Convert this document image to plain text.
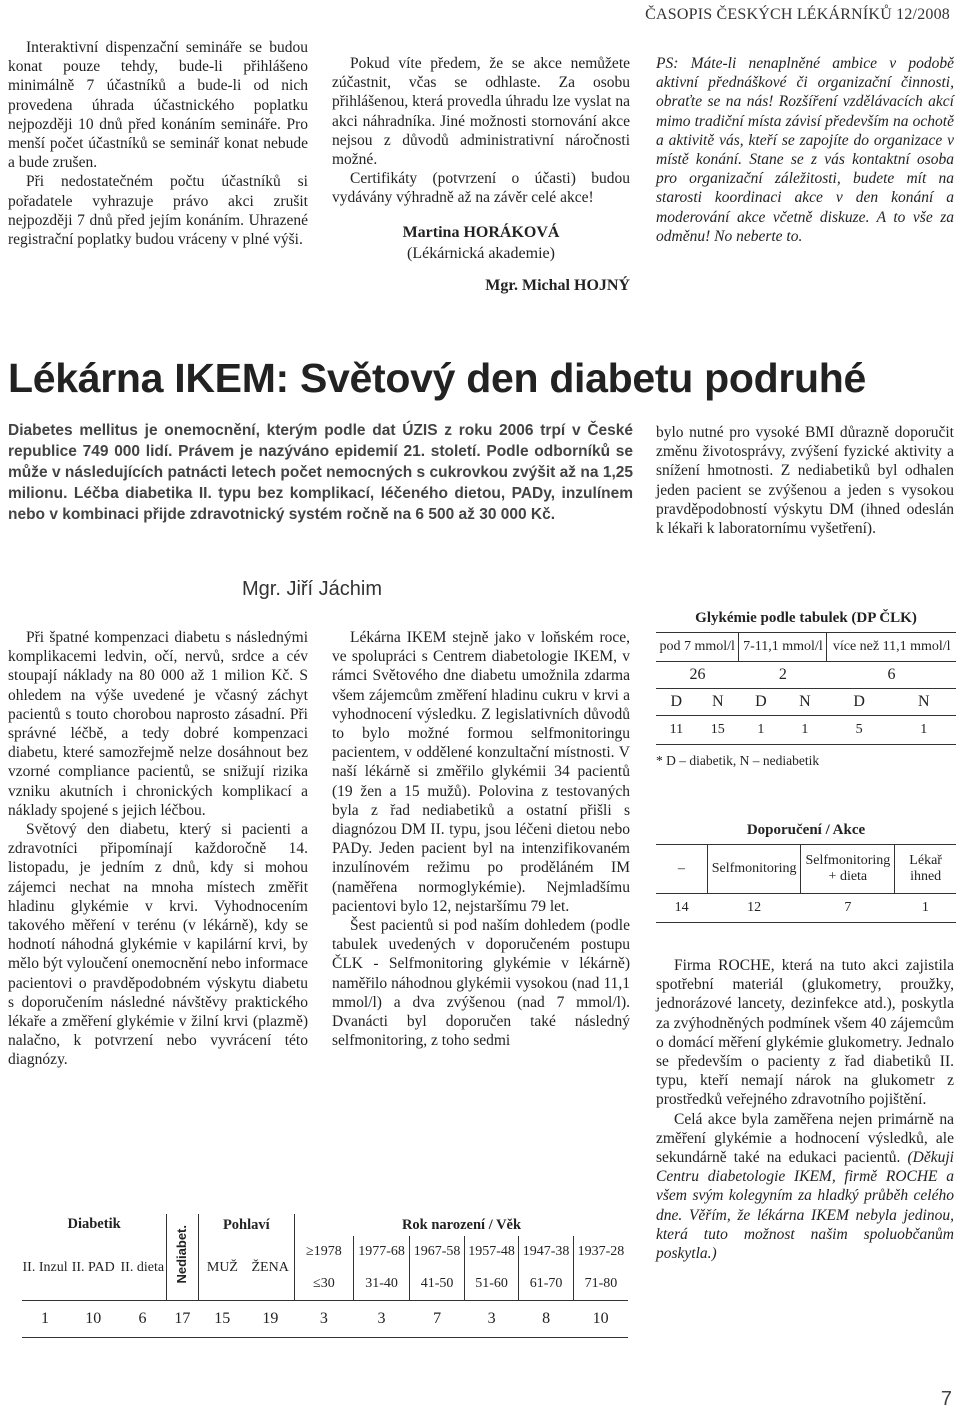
ČASOPIS ČESKÝCH LÉKÁRNÍKŮ 12/2008

Interaktivní dispenzační semináře se budou konat pouze tehdy, bude-li přihlášeno minimálně 7 účastníků a bude-li od nich provedena úhrada účastnického poplatku nejpozději 10 dnů před konáním semináře. Pro menší počet účastníků se seminář konat nebude a bude zrušen.

Při nedostatečném počtu účastníků si pořadatele vyhrazuje právo akci zrušit nejpozději 7 dnů před jejím konáním. Uhrazené registrační poplatky budou vráceny v plné výši.

Pokud víte předem, že se akce nemůžete zúčastnit, včas se odhlaste. Za osobu přihlášenou, která provedla úhradu lze vyslat na akci náhradníka. Jiné možnosti stornování akce nejsou z důvodů administrativní náročnosti možné.

Certifikáty (potvrzení o účasti) budou vydávány výhradně až na závěr celé akce!

Martina HORÁKOVÁ
(Lékárnická akademie)
Mgr. Michal HOJNÝ
PS: Máte-li nenaplněné ambice v podobě aktivní přednáškové či organizační činnosti, obraťte se na nás! Rozšíření vzdělávacích akcí mimo tradiční místa závisí především na ochotě a aktivitě vás, kteří se zapojíte do organizace v místě konání. Stane se z vás kontaktní osoba pro organizační záležitosti, budete mít na starosti koordinaci akce v den konání a moderování akce včetně diskuze. A to vše za odměnu! No neberte to.
Lékárna IKEM: Světový den diabetu podruhé
Diabetes mellitus je onemocnění, kterým podle dat ÚZIS z roku 2006 trpí v České republice 749 000 lidí. Právem je nazýváno epidemií 21. století. Podle odborníků se může v následujících patnácti letech počet nemocných s cukrovkou zvýšit až na 1,25 milionu. Léčba diabetika II. typu bez komplikací, léčeného dietou, PADy, inzulínem nebo v kombinaci přijde zdravotnický systém ročně na 6 500 až 30 000 Kč.
Mgr. Jiří Jáchim

Při špatné kompenzaci diabetu s následnými komplikacemi ledvin, očí, nervů, srdce a cév stoupají náklady na 80 000 až 1 milion Kč. S ohledem na výše uvedené je včasný záchyt pacientů s touto chorobou naprosto zásadní. Při správné léčbě, a tedy dobré kompenzaci diabetu, které samozřejmě nelze dosáhnout bez vzorné compliance pacientů, se snižují rizika vzniku akutních i chronických komplikací a náklady spojené s jejich léčbou.

Světový den diabetu, který si pacienti a zdravotníci připomínají každoročně 14. listopadu, je jedním z dnů, kdy si mohou zájemci nechat na mnoha místech změřit hladinu glykémie v krvi. Vyhodnocením takového měření v terénu (v lékárně), kdy se hodnotí náhodná glykémie v kapilární krvi, by mělo být vyloučení onemocnění nebo informace pacientovi o pravděpodobném výskytu diabetu s doporučením následné návštěvy praktického lékaře a změření glykémie v žilní krvi (plazmě) nalačno, k potvrzení nebo vyvrácení této diagnózy.

Lékárna IKEM stejně jako v loňském roce, ve spolupráci s Centrem diabetologie IKEM, v rámci Světového dne diabetu umožnila zdarma všem zájemcům změření hladinu cukru v krvi a vyhodnocení výsledku. Z legislativních důvodů to bylo možné formou selfmonitoringu pacientem, v oddělené konzultační místnosti. V naší lékárně si změřilo glykémii 34 pacientů (19 žen a 15 mužů). Polovina z testovaných byla z řad nediabetiků a ostatní přišli s diagnózou DM II. typu, jsou léčeni dietou nebo PADy. Jeden pacient byl na intenzifikovaném inzulínovém režimu po proděláném IM (naměřena normoglykémie). Nejmladšímu pacientovi bylo 12, nejstaršímu 79 let.

Šest pacientů si pod naším dohledem (podle tabulek uvedených v doporučeném postupu ČLK - Selfmonitoring glykémie v lékárně) naměřilo náhodnou glykémii vysokou (nad 11,1 mmol/l) a dva zvýšenou (nad 7 mmol/l). Dvanácti byl doporučen také následný selfmonitoring, z toho sedmi

bylo nutné pro vysoké BMI důrazně doporučit změnu životosprávy, zvýšení fyzické aktivity a snížení hmotnosti. Z nediabetiků byl odhalen jeden pacient se zvýšenou a jeden s vysokou pravděpodobností výskytu DM (ihned odeslán k lékaři k laboratornímu vyšetření).
Glykémie podle tabulek (DP ČLK)					
pod 7 mmol/l		7-11,1 mmol/l		více než 11,1 mmol/l	
26		2		6	
D	N	D	N	D	N
11	15	1	1	5	1
* D – diabetik, N – nediabetik
Doporučení / Akce			
–	Selfmonitoring	Selfmonitoring + dieta	Lékař ihned
14	12	7	1

Firma ROCHE, která na tuto akci zajistila spotřební materiál (glukometry, proužky, jednorázové lancety, dezinfekce atd.), poskytla za zvýhodněných podmínek všem 40 zájemcům o domácí měření glykémie glukometry. Jednalo se především o pacienty z řad diabetiků II. typu, kteří nemají nárok na glukometr z prostředků veřejného zdravotního pojištění.

Celá akce byla zaměřena nejen primárně na změření glykémie a hodnocení výsledků, ale sekundárně také na edukaci pacientů. (Děkuji Centru diabetologie IKEM, firmě ROCHE a všem svým kolegyním za hladký průběh celého dne. Věřím, že lékárna IKEM nebyla jedinou, která tuto možnost našim spoluobčanům poskytla.)

Diabetik			Nediabet.	Pohlaví		Rok narození / Věk					
II. Inzul	II. PAD	II. dieta		MUŽ	ŽENA	≥1978	1977-68	1967-58	1957-48	1947-38	1937-28
						≤30	31-40	41-50	51-60	61-70	71-80
1	10	6	17	15	19	3	3	7	3	8	10
7
